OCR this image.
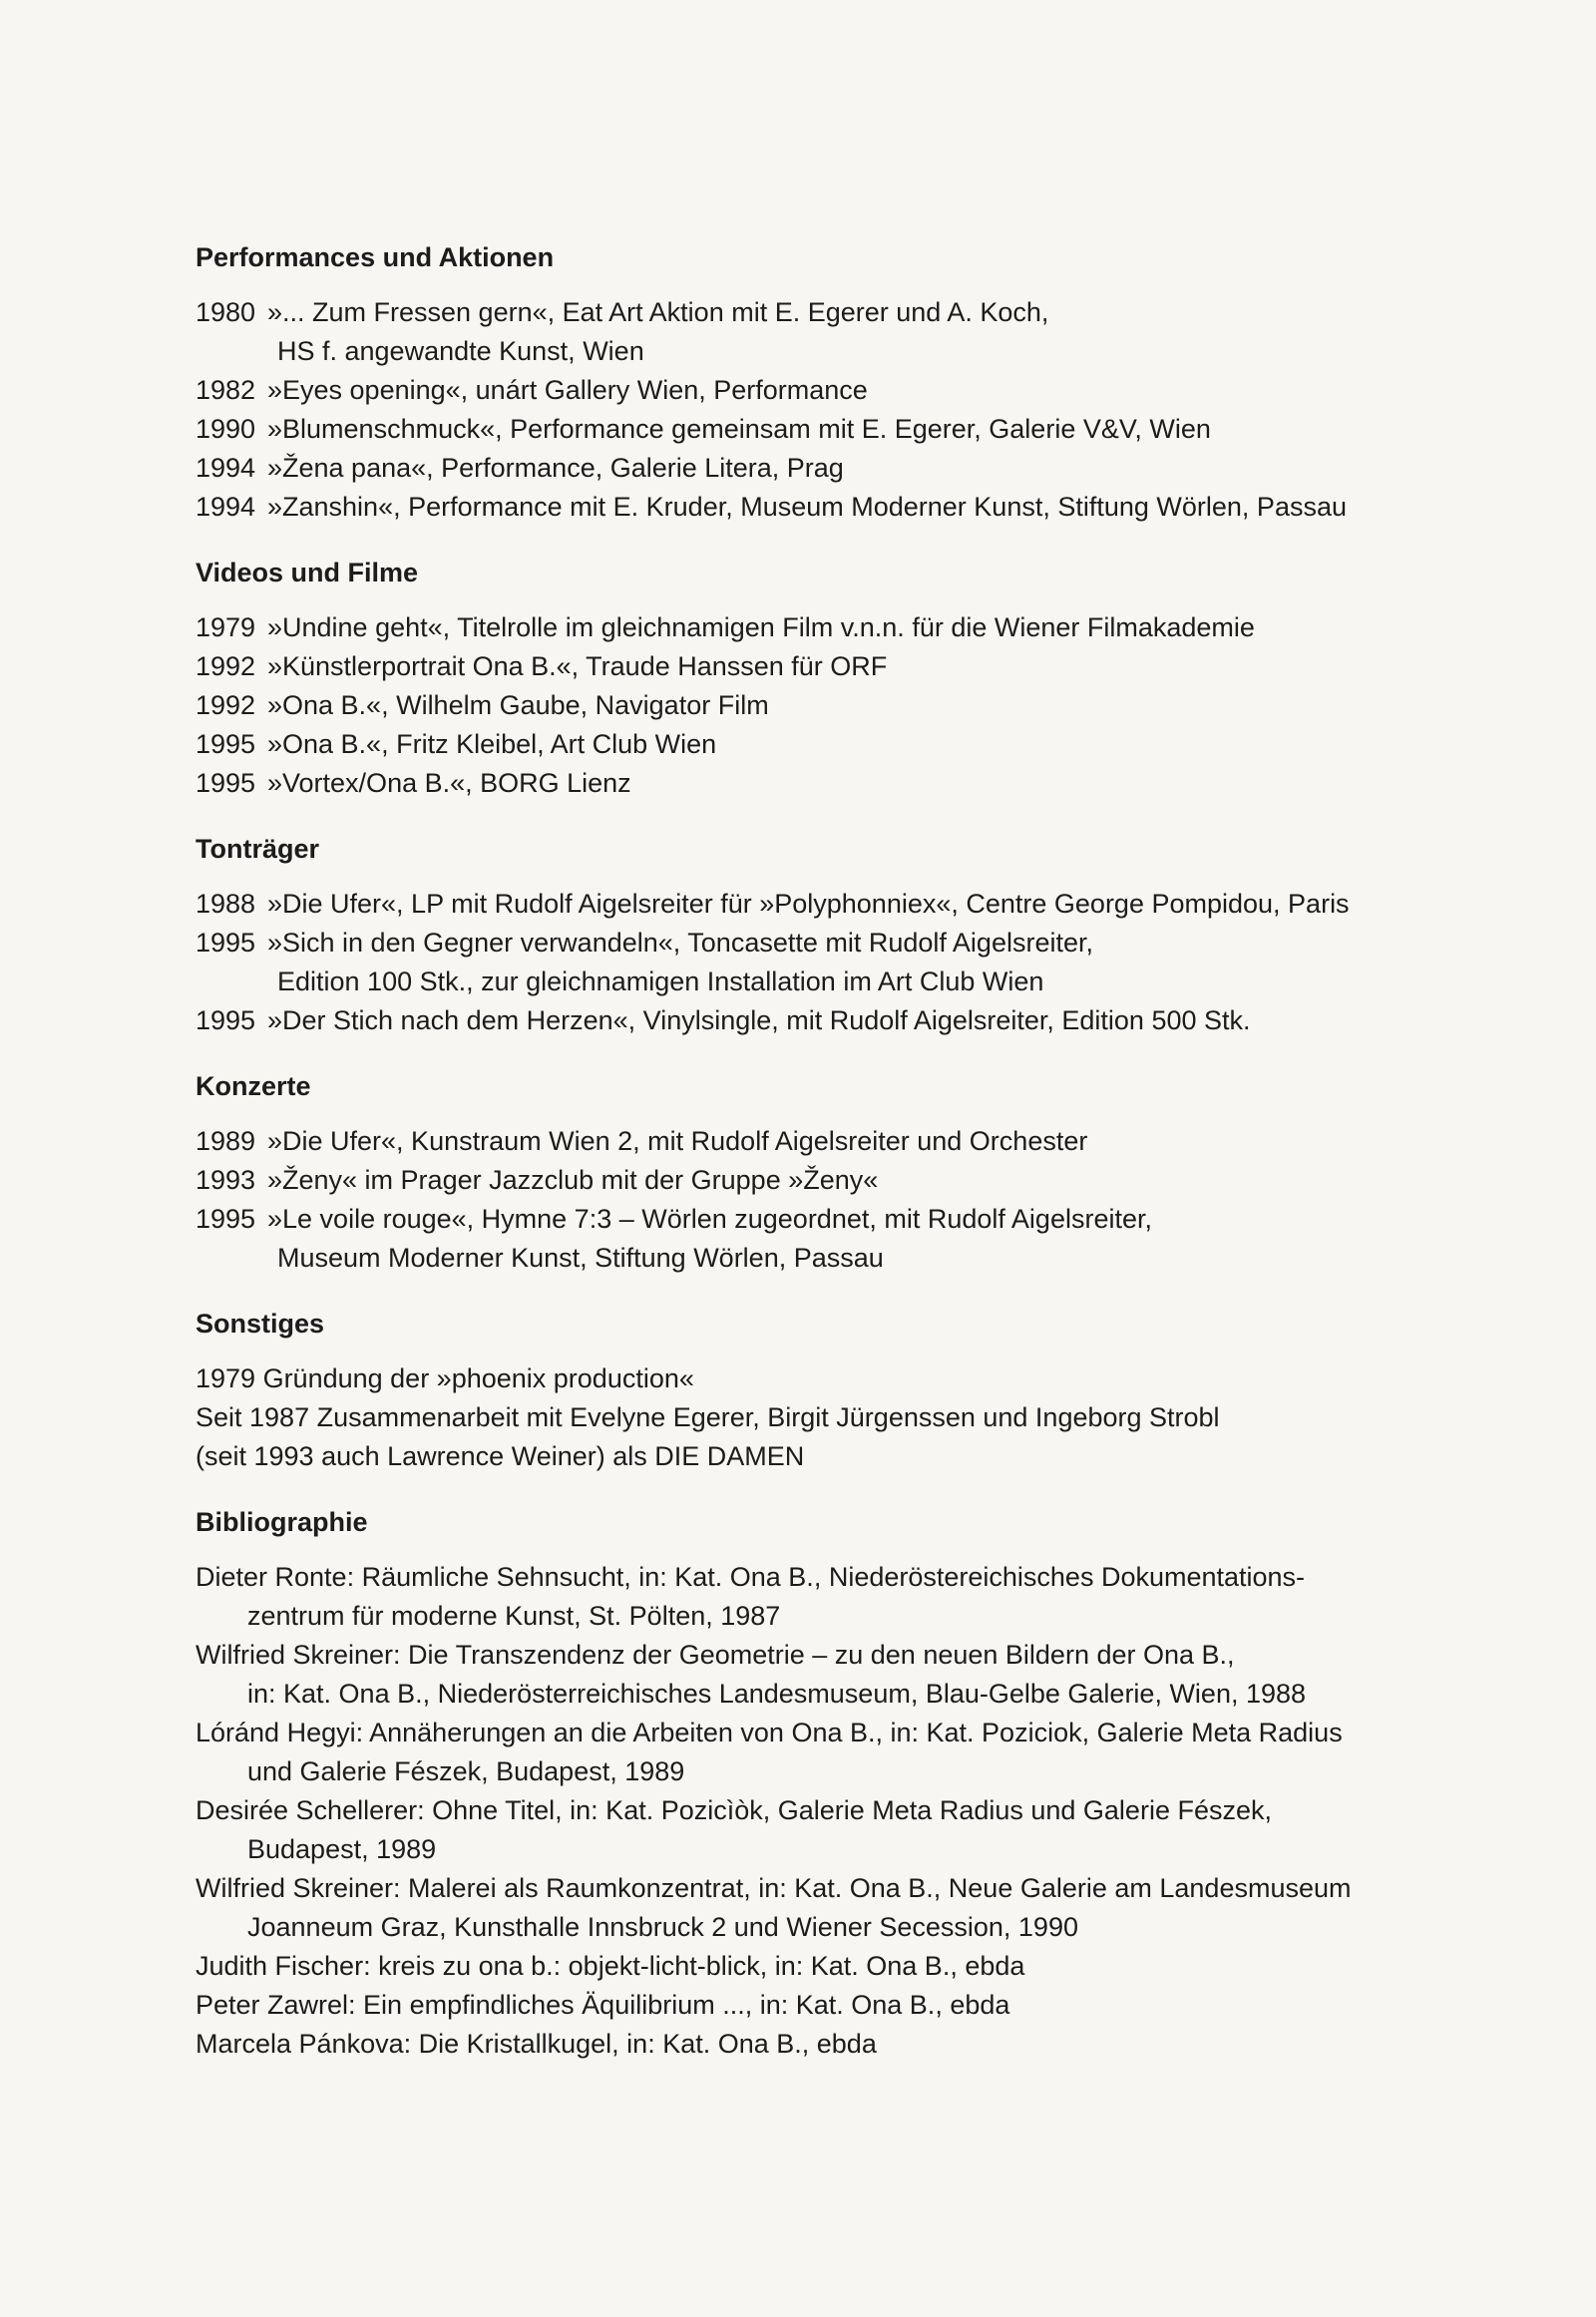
Performances und Aktionen
1980 »... Zum Fressen gern«, Eat Art Aktion mit E. Egerer und A. Koch,
HS f. angewandte Kunst, Wien
1982 »Eyes opening«, unárt Gallery Wien, Performance
1990 »Blumenschmuck«, Performance gemeinsam mit E. Egerer, Galerie V&V, Wien
1994 »Žena pana«, Performance, Galerie Litera, Prag
1994 »Zanshin«, Performance mit E. Kruder, Museum Moderner Kunst, Stiftung Wörlen, Passau
Videos und Filme
1979 »Undine geht«, Titelrolle im gleichnamigen Film v.n.n. für die Wiener Filmakademie
1992 »Künstlerportrait Ona B.«, Traude Hanssen für ORF
1992 »Ona B.«, Wilhelm Gaube, Navigator Film
1995 »Ona B.«, Fritz Kleibel, Art Club Wien
1995 »Vortex/Ona B.«, BORG Lienz
Tonträger
1988 »Die Ufer«, LP mit Rudolf Aigelsreiter für »Polyphonniex«, Centre George Pompidou, Paris
1995 »Sich in den Gegner verwandeln«, Toncasette mit Rudolf Aigelsreiter,
Edition 100 Stk., zur gleichnamigen Installation im Art Club Wien
1995 »Der Stich nach dem Herzen«, Vinylsingle, mit Rudolf Aigelsreiter, Edition 500 Stk.
Konzerte
1989 »Die Ufer«, Kunstraum Wien 2, mit Rudolf Aigelsreiter und Orchester
1993 »Ženy« im Prager Jazzclub mit der Gruppe »Ženy«
1995 »Le voile rouge«, Hymne 7:3 – Wörlen zugeordnet, mit Rudolf Aigelsreiter,
Museum Moderner Kunst, Stiftung Wörlen, Passau
Sonstiges
1979 Gründung der »phoenix production«
Seit 1987 Zusammenarbeit mit Evelyne Egerer, Birgit Jürgenssen und Ingeborg Strobl
(seit 1993 auch Lawrence Weiner) als DIE DAMEN
Bibliographie
Dieter Ronte: Räumliche Sehnsucht, in: Kat. Ona B., Niederöstereichisches Dokumentations-
zentrum für moderne Kunst, St. Pölten, 1987
Wilfried Skreiner: Die Transzendenz der Geometrie – zu den neuen Bildern der Ona B.,
in: Kat. Ona B., Niederösterreichisches Landesmuseum, Blau-Gelbe Galerie, Wien, 1988
Lóránd Hegyi: Annäherungen an die Arbeiten von Ona B., in: Kat. Poziciok, Galerie Meta Radius
und Galerie Fészek, Budapest, 1989
Desirée Schellerer: Ohne Titel, in: Kat. Pozicìòk, Galerie Meta Radius und Galerie Fészek,
Budapest, 1989
Wilfried Skreiner: Malerei als Raumkonzentrat, in: Kat. Ona B., Neue Galerie am Landesmuseum
Joanneum Graz, Kunsthalle Innsbruck 2 und Wiener Secession, 1990
Judith Fischer: kreis zu ona b.: objekt-licht-blick, in: Kat. Ona B., ebda
Peter Zawrel: Ein empfindliches Äquilibrium ..., in: Kat. Ona B., ebda
Marcela Pánkova: Die Kristallkugel, in: Kat. Ona B., ebda
